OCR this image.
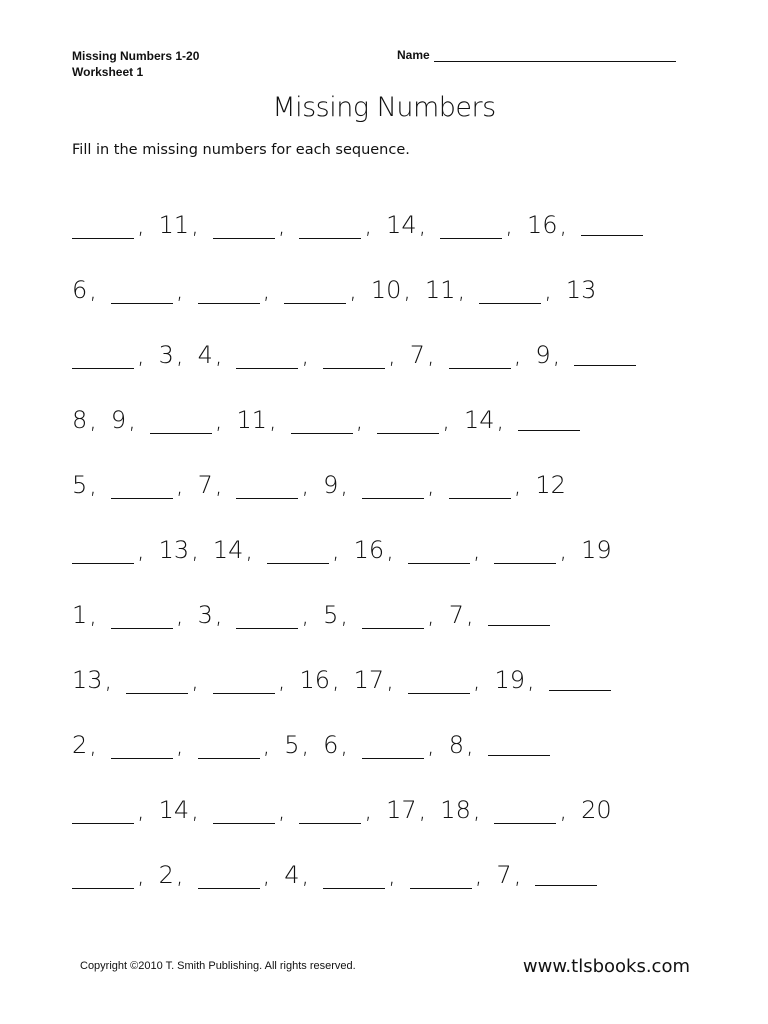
Missing Numbers 1-20
Worksheet 1
Name
Missing Numbers
Fill in the missing numbers for each sequence.
, 11 ,	,	, 14 ,	, 16 ,
6 ,	,	,	, 10 , 11 ,	, 13
, 3 , 4 ,	,	, 7 ,	, 9 ,
8 , 9 ,	, 11 ,	,	, 14 ,
5 ,	, 7 ,	, 9 ,	,	, 12
, 13 , 14 ,	, 16 ,	,	, 19
1 ,	, 3 ,	, 5 ,	, 7 ,
13 ,	,	, 16 , 17 ,	, 19 ,
2 ,	,	, 5 , 6 ,	, 8 ,
, 14 ,	,	, 17 , 18 ,	, 20
, 2 ,	, 4 ,	,	, 7 ,
Copyright ©2010 T. Smith Publishing. All rights reserved.	www.tlsbooks.com
